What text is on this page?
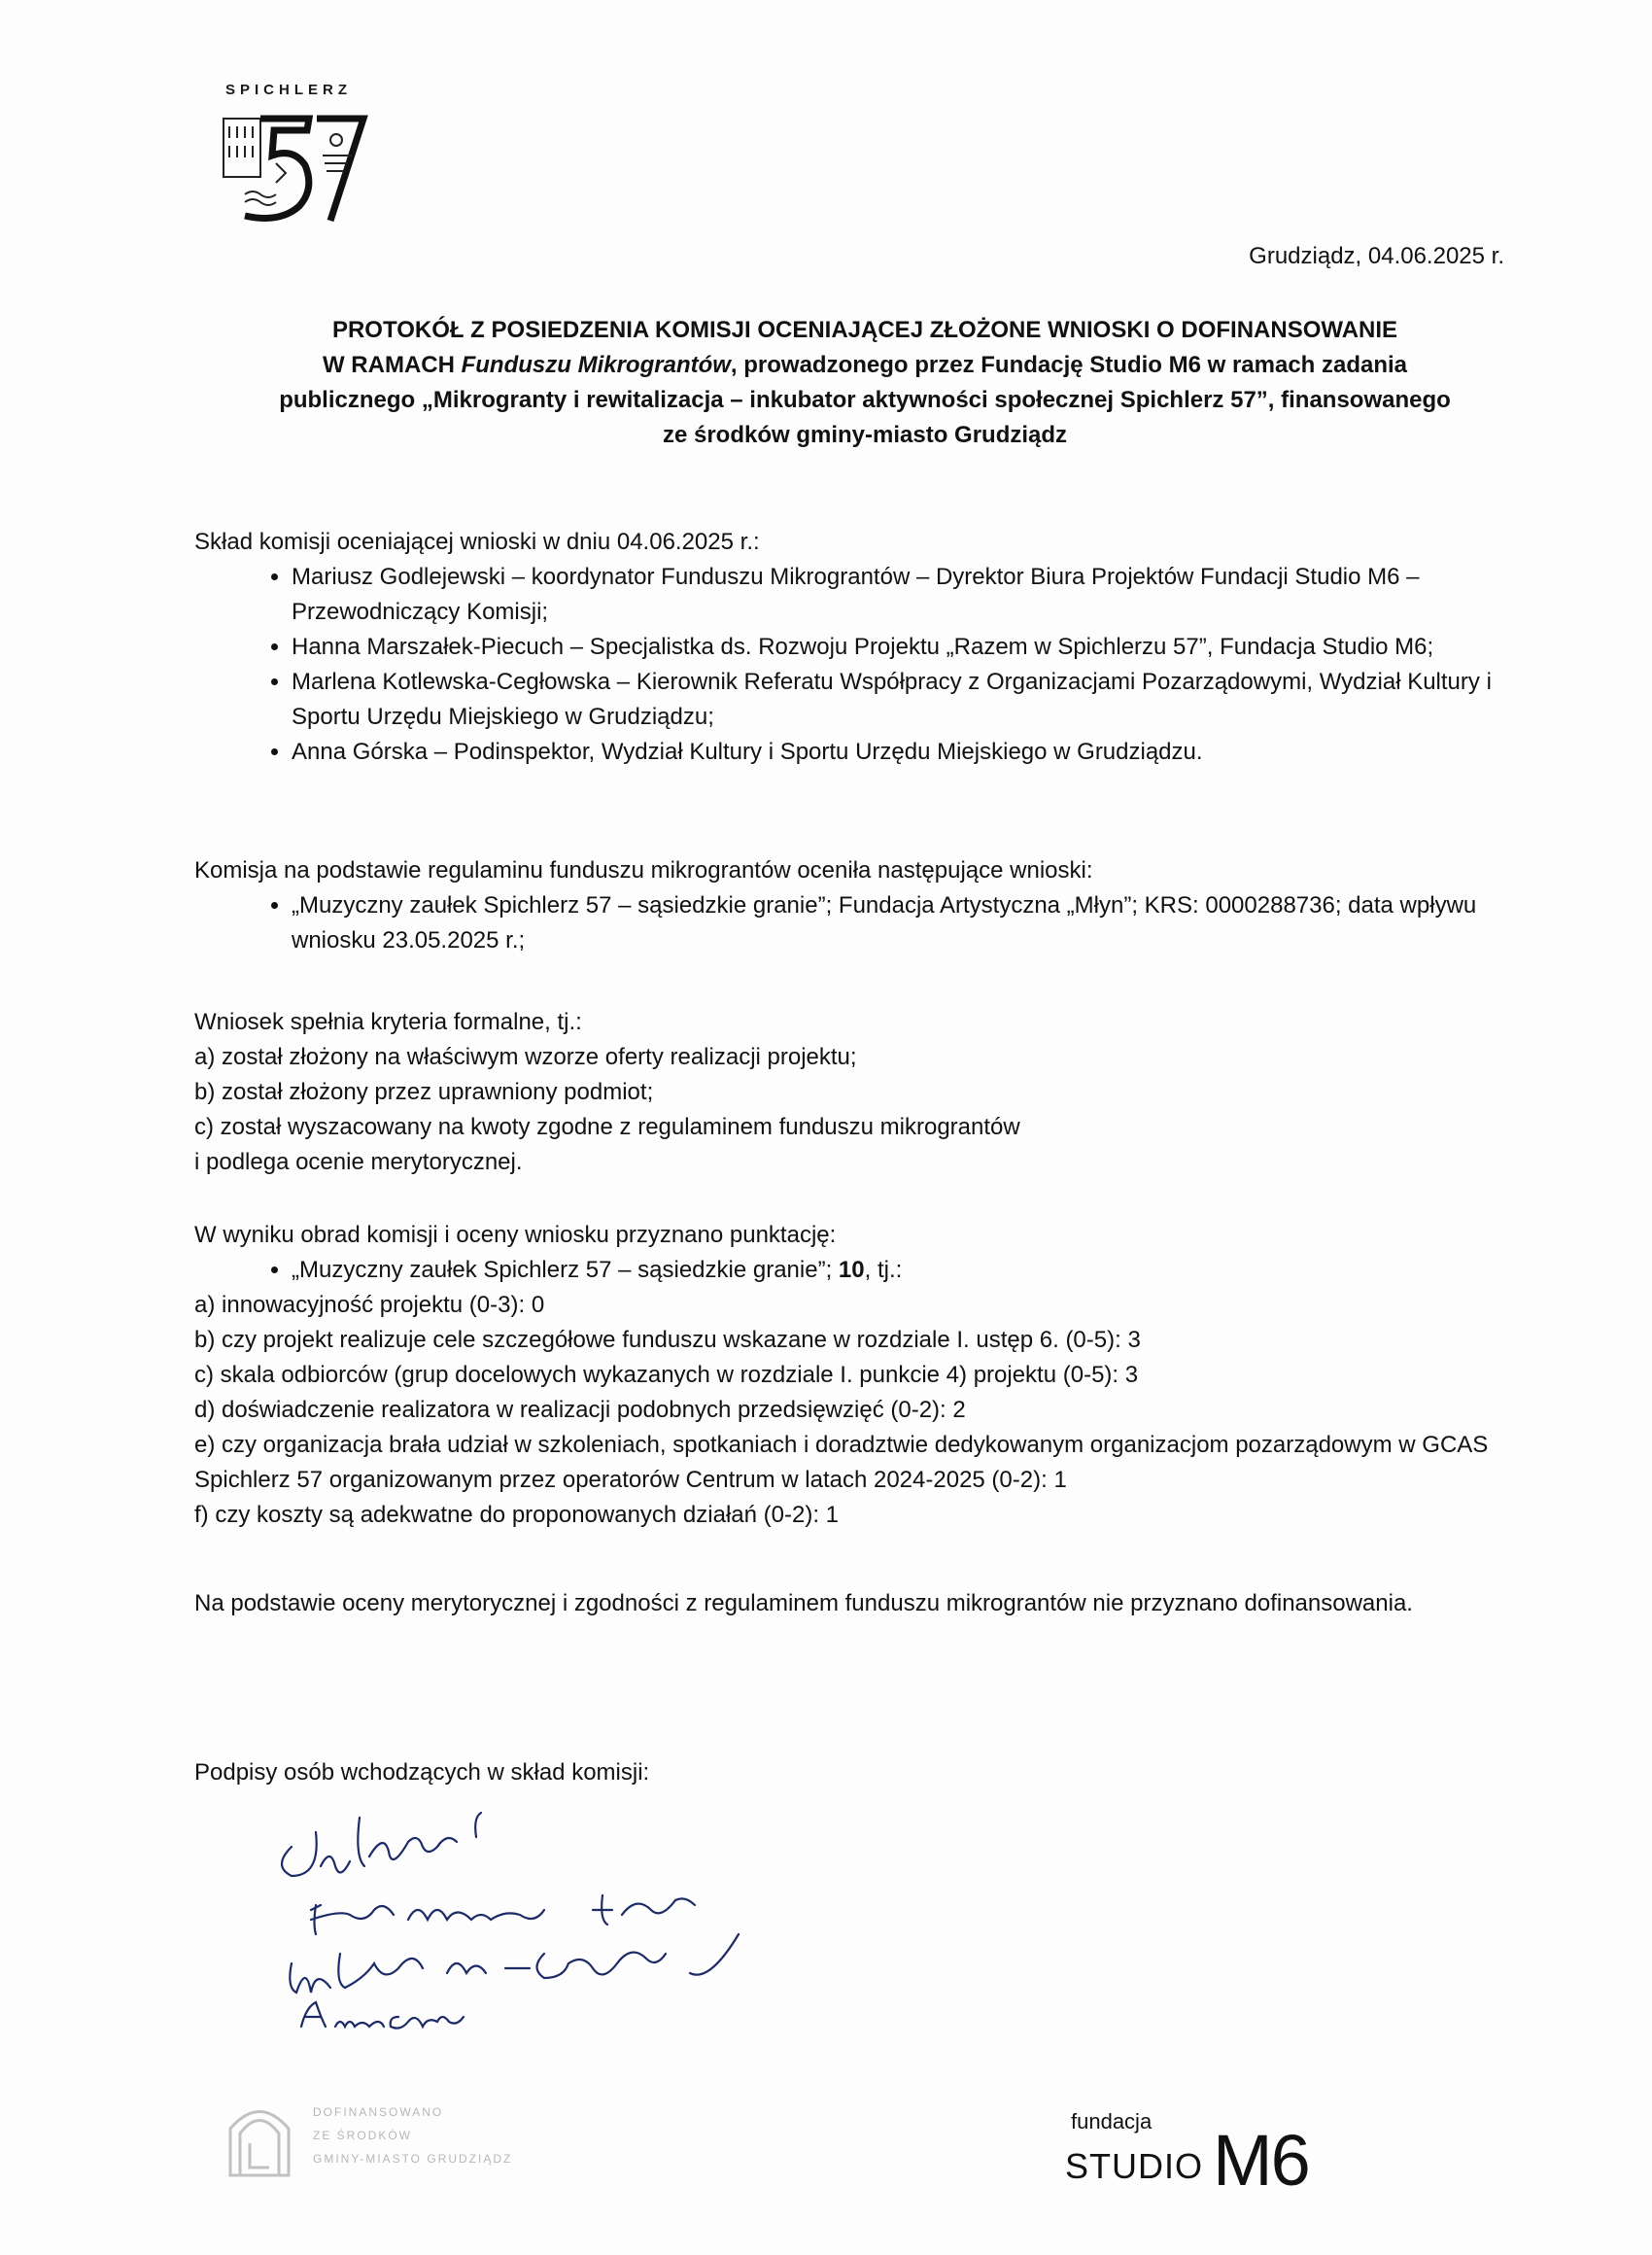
SPICHLERZ
Grudziądz, 04.06.2025 r.
PROTOKÓŁ Z POSIEDZENIA KOMISJI OCENIAJĄCEJ ZŁOŻONE WNIOSKI O DOFINANSOWANIE
W RAMACH Funduszu Mikrograntów, prowadzonego przez Fundację Studio M6 w ramach zadania
publicznego „Mikrogranty i rewitalizacja – inkubator aktywności społecznej Spichlerz 57”, finansowanego
ze środków gminy-miasto Grudziądz

Skład komisji oceniającej wnioski w dniu 04.06.2025 r.:

• Mariusz Godlejewski – koordynator Funduszu Mikrograntów – Dyrektor Biura Projektów Fundacji Studio M6 – Przewodniczący Komisji;
• Hanna Marszałek-Piecuch – Specjalistka ds. Rozwoju Projektu „Razem w Spichlerzu 57”, Fundacja Studio M6;
• Marlena Kotlewska-Cegłowska – Kierownik Referatu Współpracy z Organizacjami Pozarządowymi, Wydział Kultury i Sportu Urzędu Miejskiego w Grudziądzu;
• Anna Górska – Podinspektor, Wydział Kultury i Sportu Urzędu Miejskiego w Grudziądzu.

Komisja na podstawie regulaminu funduszu mikrograntów oceniła następujące wnioski:

• „Muzyczny zaułek Spichlerz 57 – sąsiedzkie granie”; Fundacja Artystyczna „Młyn”; KRS: 0000288736; data wpływu wniosku 23.05.2025 r.;

Wniosek spełnia kryteria formalne, tj.:

a) został złożony na właściwym wzorze oferty realizacji projektu;

b) został złożony przez uprawniony podmiot;

c) został wyszacowany na kwoty zgodne z regulaminem funduszu mikrograntów

i podlega ocenie merytorycznej.

W wyniku obrad komisji i oceny wniosku przyznano punktację:

• „Muzyczny zaułek Spichlerz 57 – sąsiedzkie granie”; 10, tj.:

a) innowacyjność projektu (0-3): 0

b) czy projekt realizuje cele szczegółowe funduszu wskazane w rozdziale I. ustęp 6. (0-5): 3

c) skala odbiorców (grup docelowych wykazanych w rozdziale I. punkcie 4) projektu (0-5): 3

d) doświadczenie realizatora w realizacji podobnych przedsięwzięć (0-2): 2

e) czy organizacja brała udział w szkoleniach, spotkaniach i doradztwie dedykowanym organizacjom pozarządowym w GCAS Spichlerz 57 organizowanym przez operatorów Centrum w latach 2024-2025 (0-2): 1

f) czy koszty są adekwatne do proponowanych działań (0-2): 1

Na podstawie oceny merytorycznej i zgodności z regulaminem funduszu mikrograntów nie przyznano dofinansowania.
Podpisy osób wchodzących w skład komisji:
DOFINANSOWANO
ZE ŚRODKÓW
GMINY-MIASTO GRUDZIĄDZ
fundacja
STUDIO M6
